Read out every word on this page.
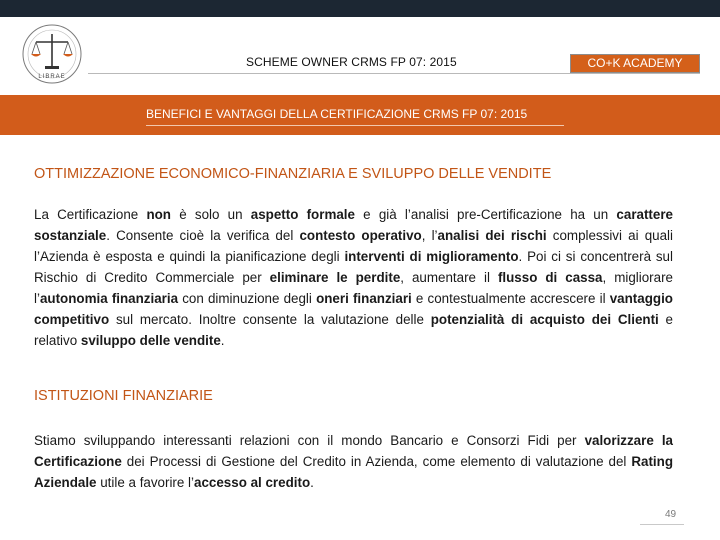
LIBRAE
SCHEME OWNER CRMS FP 07: 2015	CO+K ACADEMY
BENEFICI E VANTAGGI DELLA CERTIFICAZIONE CRMS FP 07: 2015
OTTIMIZZAZIONE ECONOMICO-FINANZIARIA E SVILUPPO DELLE VENDITE

La Certificazione non è solo un aspetto formale e già l’analisi pre-Certificazione ha un carattere sostanziale. Consente cioè la verifica del contesto operativo, l’analisi dei rischi complessivi ai quali l’Azienda è esposta e quindi la pianificazione degli interventi di miglioramento. Poi ci si concentrerà sul Rischio di Credito Commerciale per eliminare le perdite, aumentare il flusso di cassa, migliorare l’autonomia finanziaria con diminuzione degli oneri finanziari e contestualmente accrescere il vantaggio competitivo sul mercato. Inoltre consente la valutazione delle potenzialità di acquisto dei Clienti e relativo sviluppo delle vendite.

ISTITUZIONI FINANZIARIE

Stiamo sviluppando interessanti relazioni con il mondo Bancario e Consorzi Fidi per valorizzare la Certificazione dei Processi di Gestione del Credito in Azienda, come elemento di valutazione del Rating Aziendale utile a favorire l’accesso al credito.

49
